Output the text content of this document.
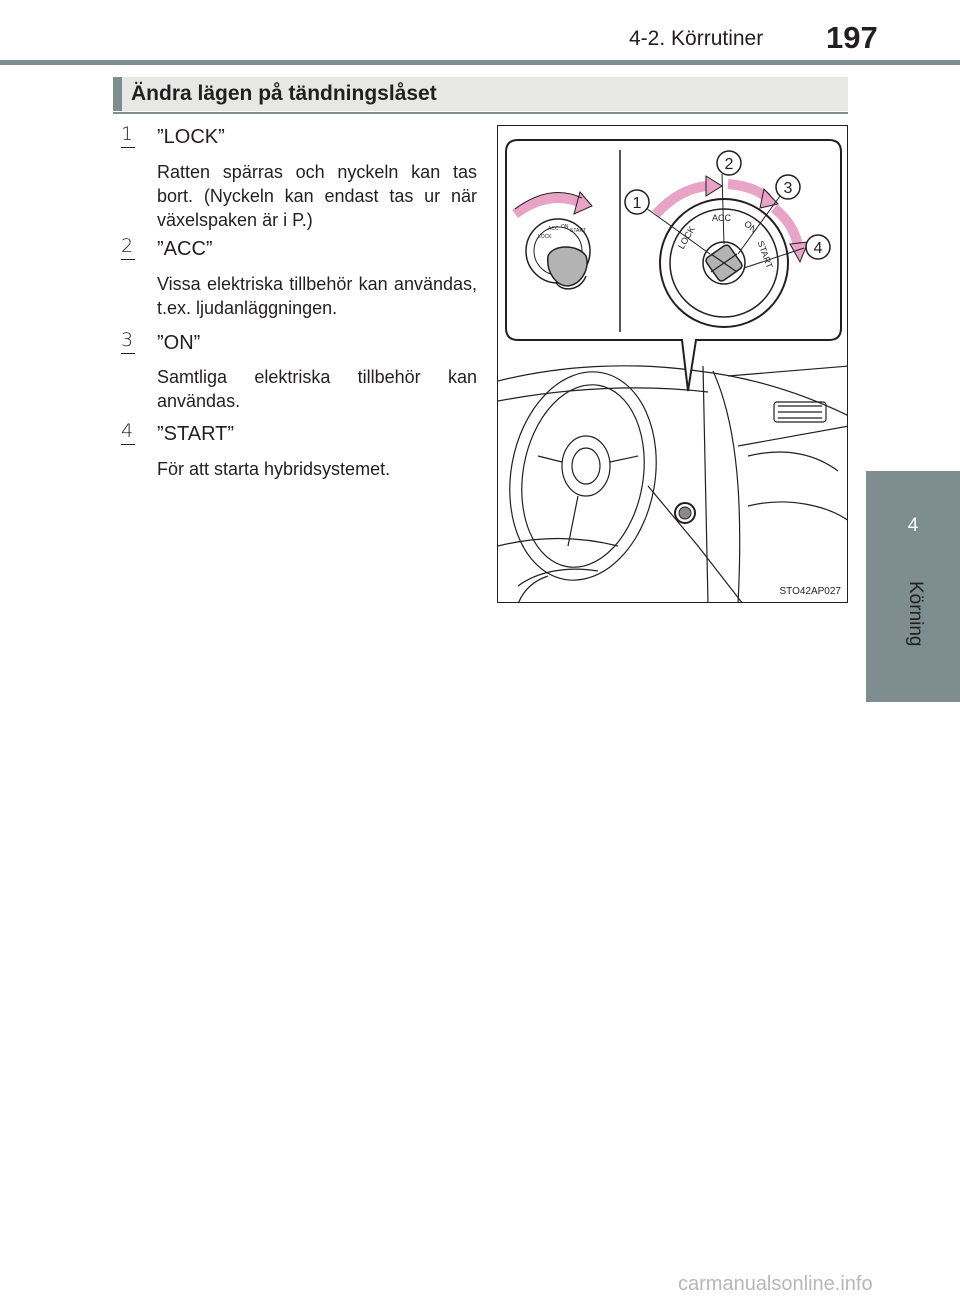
4-2. Körrutiner 197
4
Körning
Ändra lägen på tändningslåset
1	”LOCK”
Ratten spärras och nyckeln kan tas bort. (Nyckeln kan endast tas ur när växelspaken är i P.)
2	”ACC”
Vissa elektriska tillbehör kan användas, t.ex. ljudanläggningen.
3	”ON”
Samtliga elektriska tillbehör kan användas.
4	”START”
För att starta hybridsystemet.
LOCK
ACC ON
START	LOCK
ACC
ON
START
1
2
3
4
STO42AP027
carmanualsonline.info
